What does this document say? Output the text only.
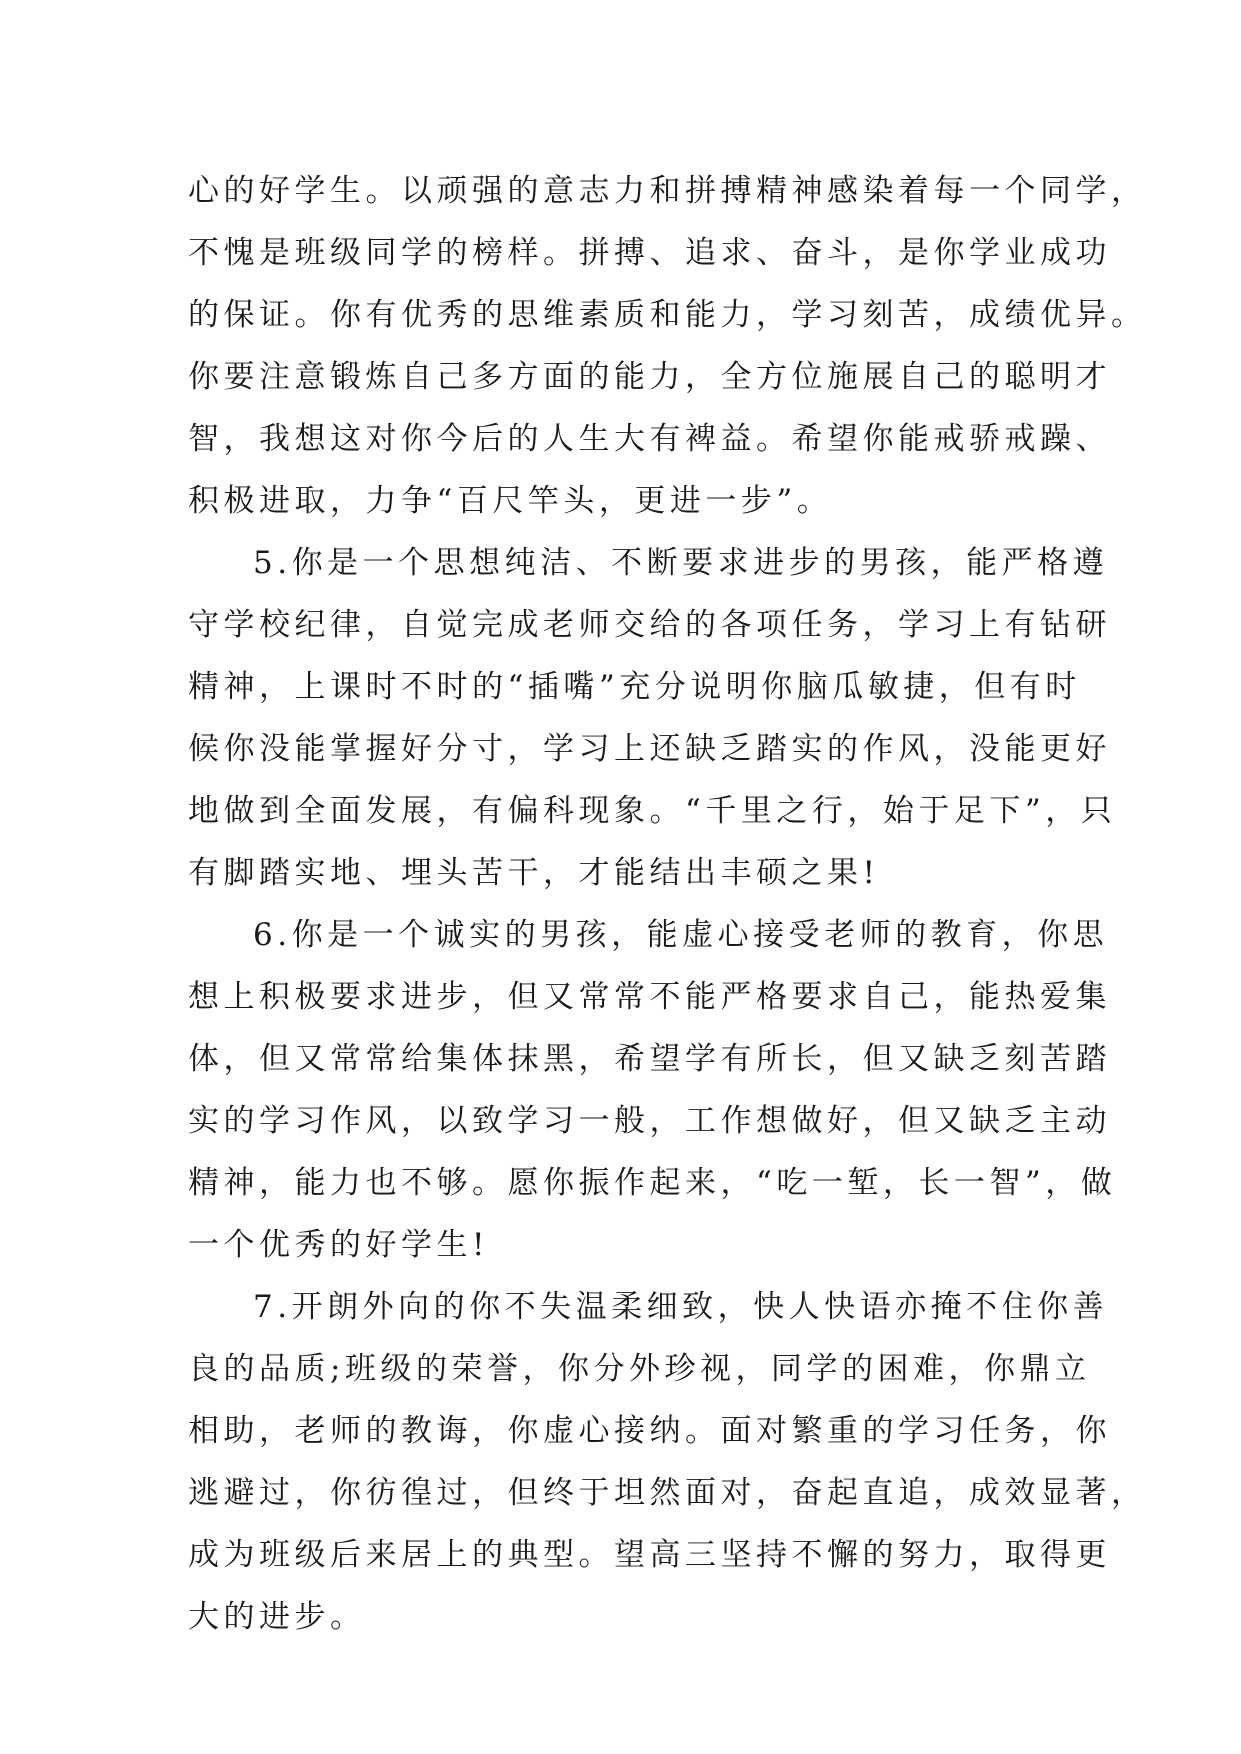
心的好学生。以顽强的意志力和拼搏精神感染着每一个同学，
不愧是班级同学的榜样。拼搏、追求、奋斗，是你学业成功
的保证。你有优秀的思维素质和能力，学习刻苦，成绩优异。
你要注意锻炼自己多方面的能力，全方位施展自己的聪明才
智，我想这对你今后的人生大有裨益。希望你能戒骄戒躁、
积极进取，力争“百尺竿头，更进一步”。
5.你是一个思想纯洁、不断要求进步的男孩，能严格遵
守学校纪律，自觉完成老师交给的各项任务，学习上有钻研
精神，上课时不时的“插嘴”充分说明你脑瓜敏捷，但有时
候你没能掌握好分寸，学习上还缺乏踏实的作风，没能更好
地做到全面发展，有偏科现象。“千里之行，始于足下”，只
有脚踏实地、埋头苦干，才能结出丰硕之果!
6.你是一个诚实的男孩，能虚心接受老师的教育，你思
想上积极要求进步，但又常常不能严格要求自己，能热爱集
体，但又常常给集体抹黑，希望学有所长，但又缺乏刻苦踏
实的学习作风，以致学习一般，工作想做好，但又缺乏主动
精神，能力也不够。愿你振作起来，“吃一堑，长一智”，做
一个优秀的好学生!
7.开朗外向的你不失温柔细致，快人快语亦掩不住你善
良的品质;班级的荣誉，你分外珍视，同学的困难，你鼎立
相助，老师的教诲，你虚心接纳。面对繁重的学习任务，你
逃避过，你彷徨过，但终于坦然面对，奋起直追，成效显著，
成为班级后来居上的典型。望高三坚持不懈的努力，取得更
大的进步。
